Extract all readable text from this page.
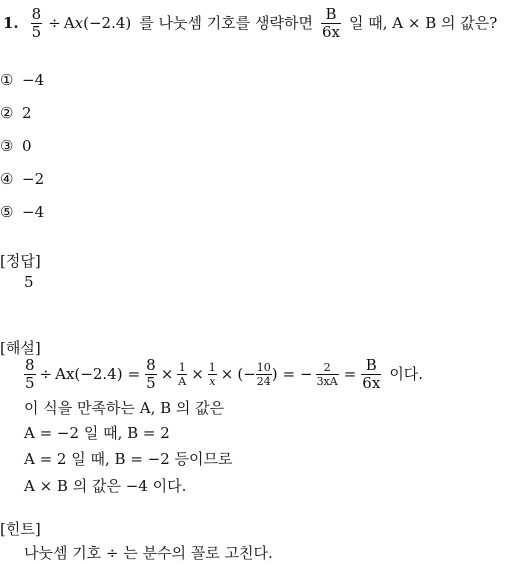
1. $\frac{8}{5} \div A$ x (−2.4) 를 나눗셈 기호를 생략하면 $\frac{B}{6x}$ 일 때, A × B 의 값은?
① −4
② 2
③ 0
④ −2
⑤ −4
[정답]
5
[해설]
$\frac{8}{5} \div Ax$ $(-2.4) = \frac{8}{5} \times \frac{1}{A} \times \frac{1}{x}$ × (− $\frac{10}{24}$ ) = − $\frac{2}{3xA} = \frac{B}{6x}$ 이다.
이 식을 만족하는 A, B 의 값은
A = −2 일 때, B = 2
A = 2 일 때, B = −2 등이므로
A × B 의 값은 −4 이다.
[힌트]
나눗셈 기호 ÷ 는 분수의 꼴로 고친다.
